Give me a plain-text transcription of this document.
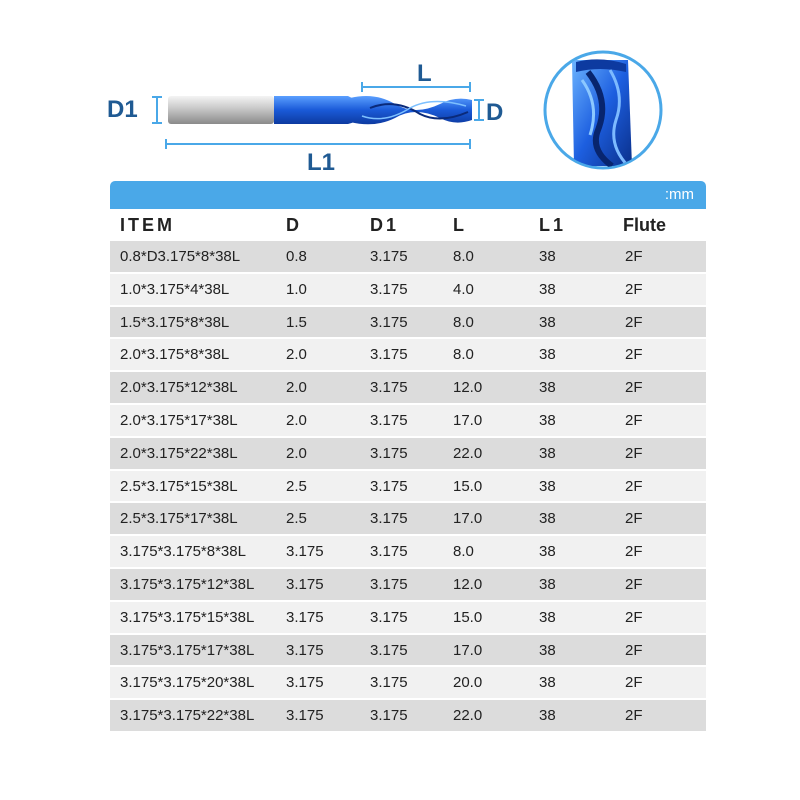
D1	D
L
L1
:mm
ITEM	D	D1	L	L1	Flute
0.8*D3.175*8*38L	0.8	3.175	8.0	38	2F
1.0*3.175*4*38L	1.0	3.175	4.0	38	2F
1.5*3.175*8*38L	1.5	3.175	8.0	38	2F
2.0*3.175*8*38L	2.0	3.175	8.0	38	2F
2.0*3.175*12*38L	2.0	3.175	12.0	38	2F
2.0*3.175*17*38L	2.0	3.175	17.0	38	2F
2.0*3.175*22*38L	2.0	3.175	22.0	38	2F
2.5*3.175*15*38L	2.5	3.175	15.0	38	2F
2.5*3.175*17*38L	2.5	3.175	17.0	38	2F
3.175*3.175*8*38L	3.175	3.175	8.0	38	2F
3.175*3.175*12*38L 3.175	3.175	12.0	38	2F
3.175*3.175*15*38L 3.175	3.175	15.0	38	2F
3.175*3.175*17*38L 3.175	3.175	17.0	38	2F
3.175*3.175*20*38L 3.175	3.175	20.0	38	2F
3.175*3.175*22*38L 3.175	3.175	22.0	38	2F
